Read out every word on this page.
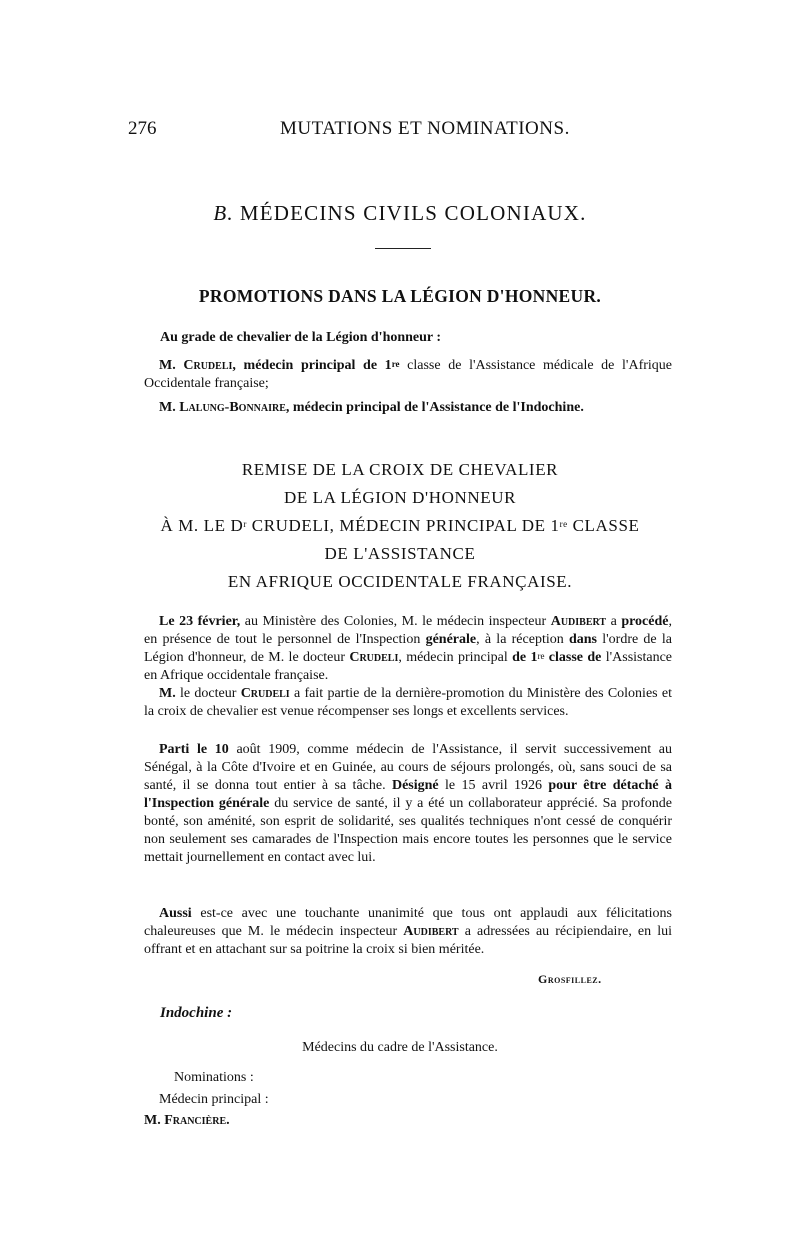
276	MUTATIONS ET NOMINATIONS.
B. MÉDECINS CIVILS COLONIAUX.
PROMOTIONS DANS LA LÉGION D'HONNEUR.
Au grade de chevalier de la Légion d'honneur :
M. Crudeli, médecin principal de 1re classe de l'Assistance médicale de l'Afrique Occidentale française;
M. Lalung-Bonnaire, médecin principal de l'Assistance de l'Indochine.
REMISE DE LA CROIX DE CHEVALIER
DE LA LÉGION D'HONNEUR
À M. LE $D^r$ CRUDELI, MÉDECIN PRINCIPAL DE 1re CLASSE
DE L'ASSISTANCE
EN AFRIQUE OCCIDENTALE FRANÇAISE.
Le 23 février, au Ministère des Colonies, M. le médecin inspecteur Audibert a procédé, en présence de tout le personnel de l'Inspection générale, à la réception dans l'ordre de la Légion d'honneur, de M. le docteur Crudeli, médecin principal de 1re classe de l'Assistance en Afrique occidentale française.
M. le docteur Crudeli a fait partie de la dernière-promotion du Ministère des Colonies et la croix de chevalier est venue récompenser ses longs et excellents services.
Parti le 10 août 1909, comme médecin de l'Assistance, il servit successivement au Sénégal, à la Côte d'Ivoire et en Guinée, au cours de séjours prolongés, où, sans souci de sa santé, il se donna tout entier à sa tâche. Désigné le 15 avril 1926 pour être détaché à l'Inspection générale du service de santé, il y a été un collaborateur apprécié. Sa profonde bonté, son aménité, son esprit de solidarité, ses qualités techniques n'ont cessé de conquérir non seulement ses camarades de l'Inspection mais encore toutes les personnes que le service mettait journellement en contact avec lui.
Aussi est-ce avec une touchante unanimité que tous ont applaudi aux félicitations chaleureuses que M. le médecin inspecteur Audibert a adressées au récipiendaire, en lui offrant et en attachant sur sa poitrine la croix si bien méritée.
Grosfillez.
Indochine :
Médecins du cadre de l'Assistance.
Nominations :
Médecin principal :
M. Francière.
